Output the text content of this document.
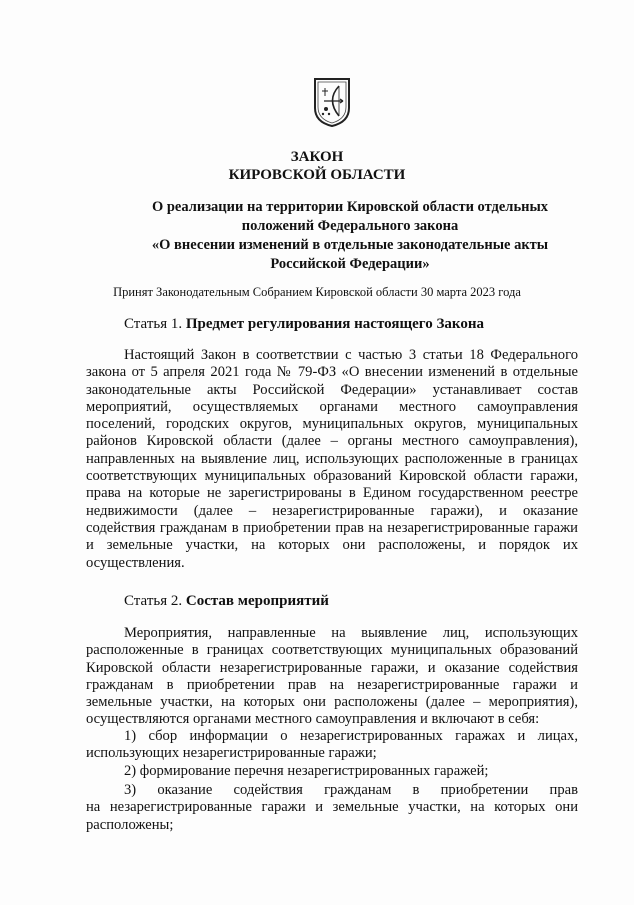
ЗАКОН
КИРОВСКОЙ ОБЛАСТИ
О реализации на территории Кировской области отдельных
положений Федерального закона
«О внесении изменений в отдельные законодательные акты
Российской Федерации»
Принят Законодательным Собранием Кировской области 30 марта 2023 года
Статья 1. Предмет регулирования настоящего Закона
Настоящий Закон в соответствии с частью 3 статьи 18 Федерального
закона от 5 апреля 2021 года № 79-ФЗ «О внесении изменений в отдельные
законодательные акты Российской Федерации» устанавливает состав
мероприятий, осуществляемых органами местного самоуправления
поселений, городских округов, муниципальных округов, муниципальных
районов Кировской области (далее – органы местного самоуправления),
направленных на выявление лиц, использующих расположенные в границах
соответствующих муниципальных образований Кировской области гаражи,
права на которые не зарегистрированы в Едином государственном реестре
недвижимости (далее – незарегистрированные гаражи), и оказание
содействия гражданам в приобретении прав на незарегистрированные гаражи
и земельные участки, на которых они расположены, и порядок их
осуществления.
Статья 2. Состав мероприятий
Мероприятия, направленные на выявление лиц, использующих
расположенные в границах соответствующих муниципальных образований
Кировской области незарегистрированные гаражи, и оказание содействия
гражданам в приобретении прав на незарегистрированные гаражи и
земельные участки, на которых они расположены (далее – мероприятия),
осуществляются органами местного самоуправления и включают в себя:
1) сбор информации о незарегистрированных гаражах и лицах,
использующих незарегистрированные гаражи;
2) формирование перечня незарегистрированных гаражей;
3) оказание содействия гражданам в приобретении прав
на незарегистрированные гаражи и земельные участки, на которых они
расположены;
